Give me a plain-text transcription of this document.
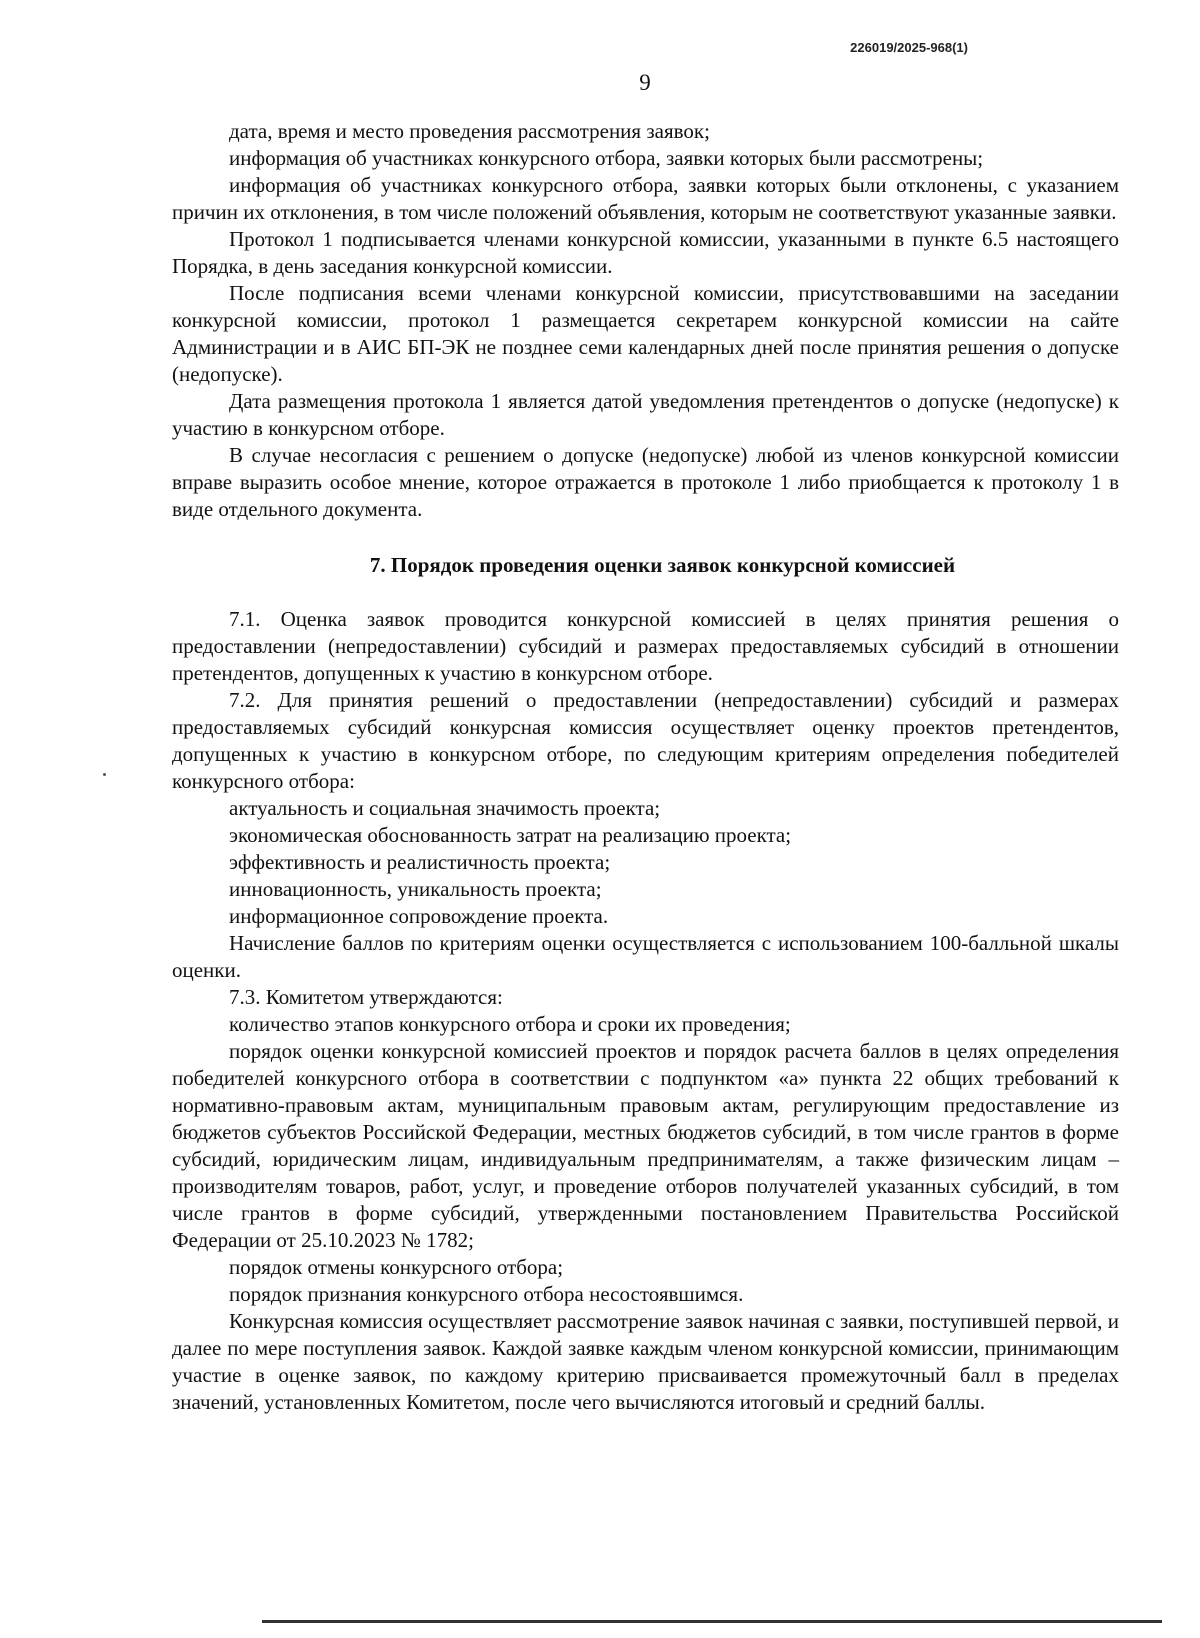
226019/2025-968(1)
9

дата, время и место проведения рассмотрения заявок;

информация об участниках конкурсного отбора, заявки которых были рассмотрены;

информация об участниках конкурсного отбора, заявки которых были отклонены, с указанием причин их отклонения, в том числе положений объявления, которым не соответствуют указанные заявки.

Протокол 1 подписывается членами конкурсной комиссии, указанными в пункте 6.5 настоящего Порядка, в день заседания конкурсной комиссии.

После подписания всеми членами конкурсной комиссии, присутствовавшими на заседании конкурсной комиссии, протокол 1 размещается секретарем конкурсной комиссии на сайте Администрации и в АИС БП-ЭК не позднее семи календарных дней после принятия решения о допуске (недопуске).

Дата размещения протокола 1 является датой уведомления претендентов о допуске (недопуске) к участию в конкурсном отборе.

В случае несогласия с решением о допуске (недопуске) любой из членов конкурсной комиссии вправе выразить особое мнение, которое отражается в протоколе 1 либо приобщается к протоколу 1 в виде отдельного документа.

7. Порядок проведения оценки заявок конкурсной комиссией

7.1. Оценка заявок проводится конкурсной комиссией в целях принятия решения о предоставлении (непредоставлении) субсидий и размерах предоставляемых субсидий в отношении претендентов, допущенных к участию в конкурсном отборе.

7.2. Для принятия решений о предоставлении (непредоставлении) субсидий и размерах предоставляемых субсидий конкурсная комиссия осуществляет оценку проектов претендентов, допущенных к участию в конкурсном отборе, по следующим критериям определения победителей конкурсного отбора:

актуальность и социальная значимость проекта;

экономическая обоснованность затрат на реализацию проекта;

эффективность и реалистичность проекта;

инновационность, уникальность проекта;

информационное сопровождение проекта.

Начисление баллов по критериям оценки осуществляется с использованием 100-балльной шкалы оценки.

7.3. Комитетом утверждаются:

количество этапов конкурсного отбора и сроки их проведения;

порядок оценки конкурсной комиссией проектов и порядок расчета баллов в целях определения победителей конкурсного отбора в соответствии с подпунктом «а» пункта 22 общих требований к нормативно-правовым актам, муниципальным правовым актам, регулирующим предоставление из бюджетов субъектов Российской Федерации, местных бюджетов субсидий, в том числе грантов в форме субсидий, юридическим лицам, индивидуальным предпринимателям, а также физическим лицам – производителям товаров, работ, услуг, и проведение отборов получателей указанных субсидий, в том числе грантов в форме субсидий, утвержденными постановлением Правительства Российской Федерации от 25.10.2023 № 1782;

порядок отмены конкурсного отбора;

порядок признания конкурсного отбора несостоявшимся.

Конкурсная комиссия осуществляет рассмотрение заявок начиная с заявки, поступившей первой, и далее по мере поступления заявок. Каждой заявке каждым членом конкурсной комиссии, принимающим участие в оценке заявок, по каждому критерию присваивается промежуточный балл в пределах значений, установленных Комитетом, после чего вычисляются итоговый и средний баллы.
